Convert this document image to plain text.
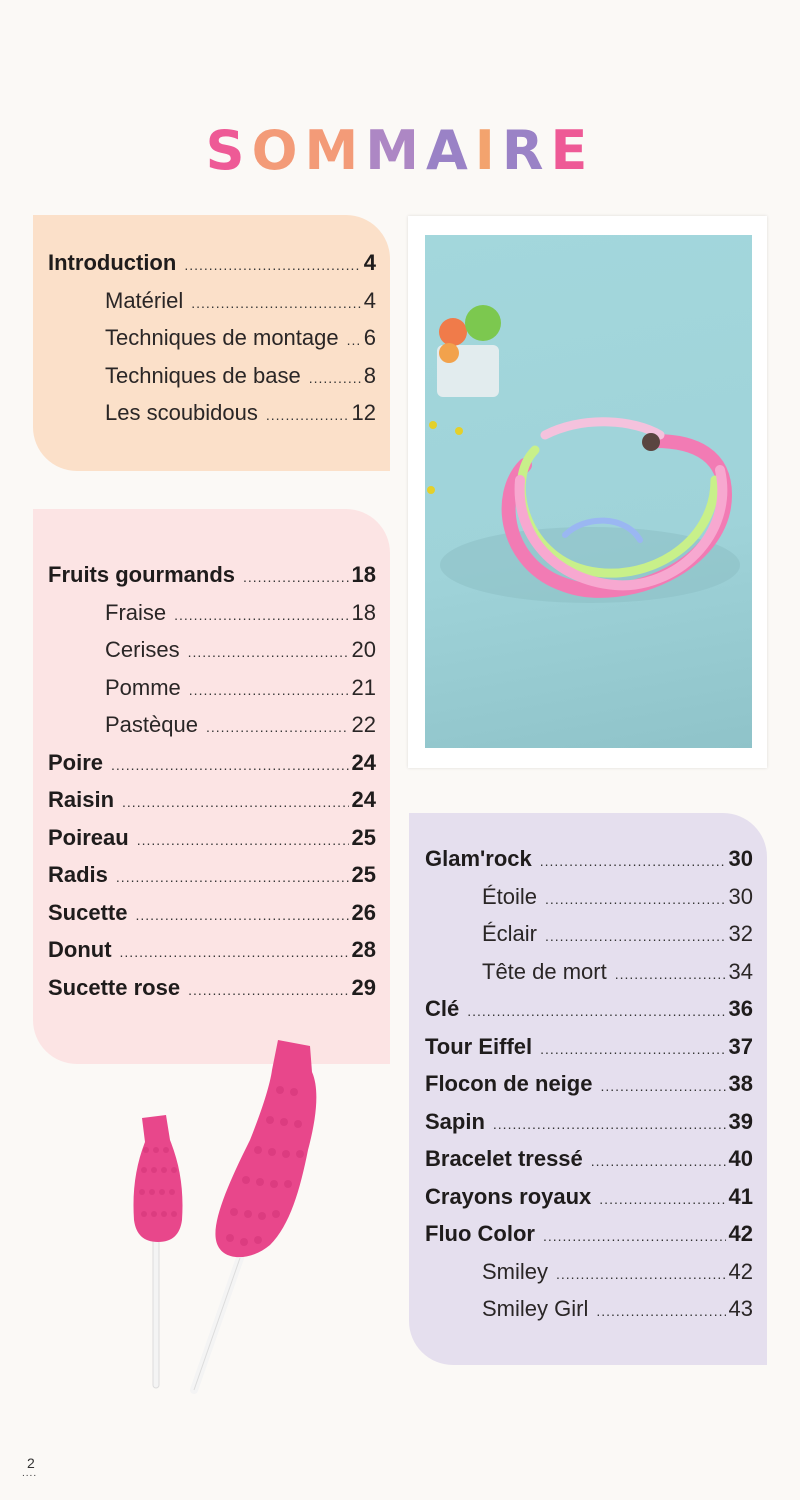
SOMMAIRE
Introduction .....	4
Matériel .....	4
Techniques de montage ..... 6
Techniques de base .....	8
Les scoubidous .....	12
Fruits gourmands .....	18
Fraise .....	18
Cerises .....	20
Pomme .....	21
Pastèque .....	22
Poire .....	24
Raisin .....	24
Poireau .....	25
Radis .....	25
Sucette .....	26
Donut .....	28
Sucette rose .....	29
Glam'rock .....	30
Étoile .....	30
Éclair .....	32
Tête de mort .....	34
Clé .....	36
Tour Eiffel .....	37
Flocon de neige .....	38
Sapin .....	39
Bracelet tressé .....	40
Crayons royaux .....	41
Fluo Color .....	42
Smiley .....	42
Smiley Girl .....	43
2
....
